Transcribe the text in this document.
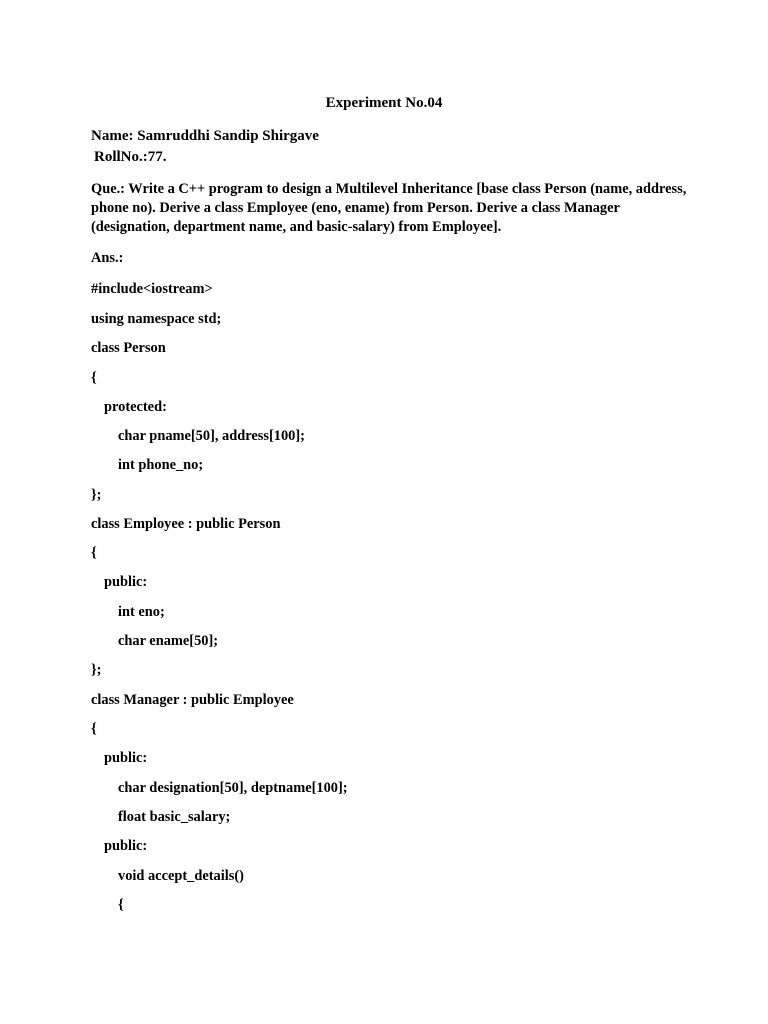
Experiment No.04
Name: Samruddhi Sandip Shirgave
RollNo.:77.
Que.: Write a C++ program to design a Multilevel Inheritance [base class Person (name, address, phone no). Derive a class Employee (eno, ename) from Person. Derive a class Manager (designation, department name, and basic-salary) from Employee].
Ans.:
#include<iostream>
using namespace std;
class Person
{
protected:
char pname[50], address[100];
int phone_no;
};
class Employee : public Person
{
public:
int eno;
char ename[50];
};
class Manager : public Employee
{
public:
char designation[50], deptname[100];
float basic_salary;
public:
void accept_details()
{
